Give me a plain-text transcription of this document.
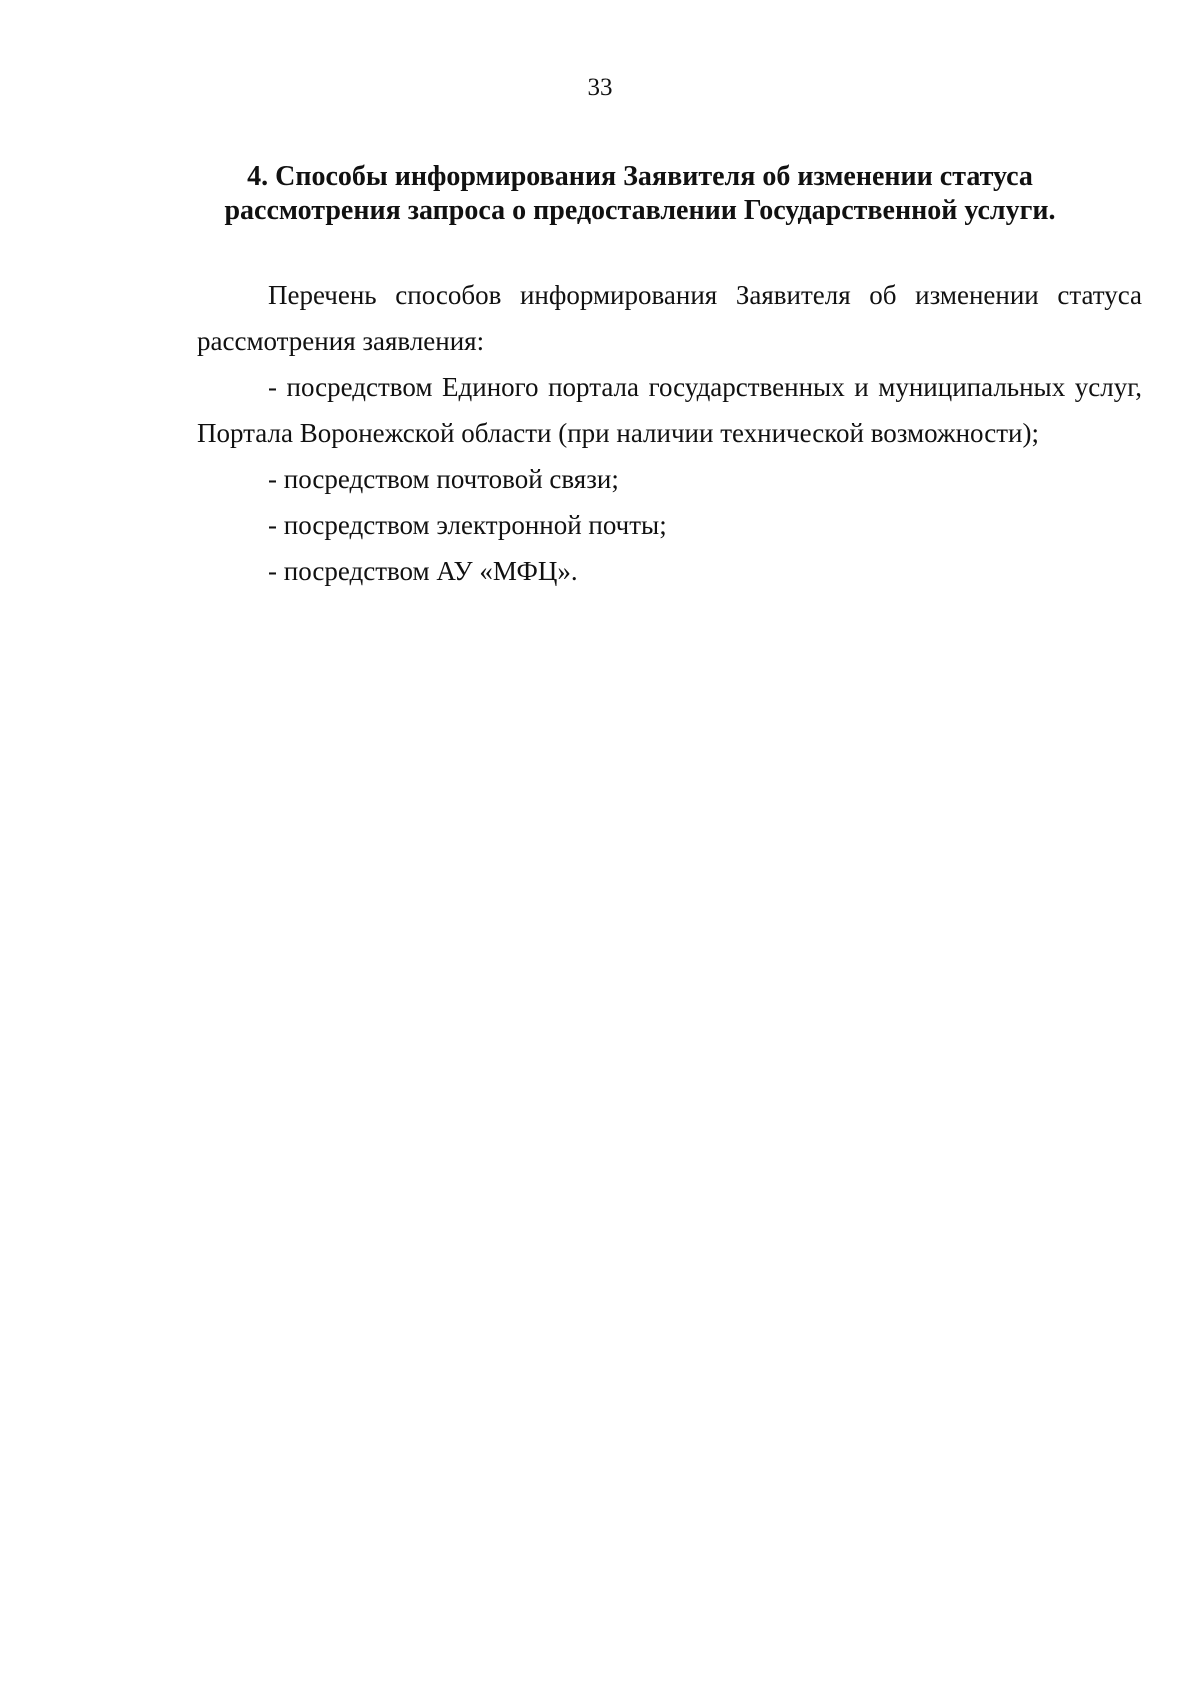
33
4. Способы информирования Заявителя об изменении статуса
рассмотрения запроса о предоставлении Государственной услуги.

Перечень способов информирования Заявителя об изменении статуса рассмотрения заявления:

- посредством Единого портала государственных и муниципальных услуг, Портала Воронежской области (при наличии технической возможности);

- посредством почтовой связи;

- посредством электронной почты;

- посредством АУ «МФЦ».
